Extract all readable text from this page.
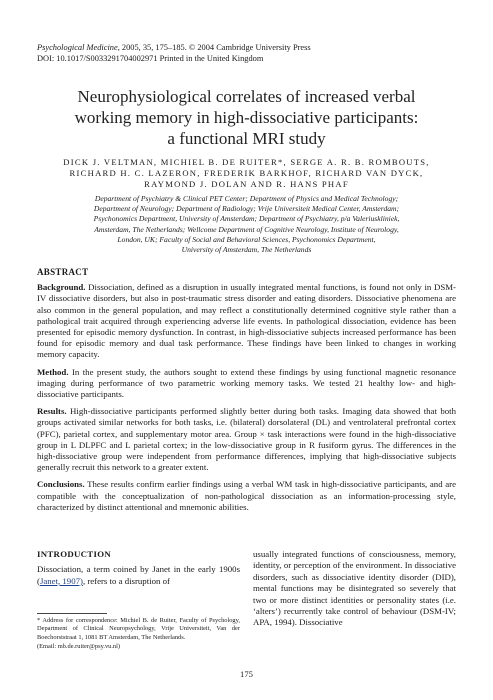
Psychological Medicine, 2005, 35, 175–185. © 2004 Cambridge University Press
DOI: 10.1017/S0033291704002971 Printed in the United Kingdom
Neurophysiological correlates of increased verbal
working memory in high-dissociative participants:
a functional MRI study
DICK J. VELTMAN, MICHIEL B. DE RUITER*, SERGE A. R. B. ROMBOUTS,
RICHARD H. C. LAZERON, FREDERIK BARKHOF, RICHARD VAN DYCK,
RAYMOND J. DOLAN AND R. HANS PHAF
Department of Psychiatry & Clinical PET Center; Department of Physics and Medical Technology;
Department of Neurology; Department of Radiology; Vrije Universiteit Medical Center, Amsterdam;
Psychonomics Department, University of Amsterdam; Department of Psychiatry, p/a Valeriuskliniek,
Amsterdam, The Netherlands; Wellcome Department of Cognitive Neurology, Institute of Neurology,
London, UK; Faculty of Social and Behavioral Sciences, Psychonomics Department,
University of Amsterdam, The Netherlands
ABSTRACT

Background. Dissociation, defined as a disruption in usually integrated mental functions, is found not only in DSM-IV dissociative disorders, but also in post-traumatic stress disorder and eating disorders. Dissociative phenomena are also common in the general population, and may reflect a constitutionally determined cognitive style rather than a pathological trait acquired through experiencing adverse life events. In pathological dissociation, evidence has been presented for episodic memory dysfunction. In contrast, in high-dissociative subjects increased performance has been found for episodic memory and dual task performance. These findings have been linked to changes in working memory capacity.

Method. In the present study, the authors sought to extend these findings by using functional magnetic resonance imaging during performance of two parametric working memory tasks. We tested 21 healthy low- and high-dissociative participants.

Results. High-dissociative participants performed slightly better during both tasks. Imaging data showed that both groups activated similar networks for both tasks, i.e. (bilateral) dorsolateral (DL) and ventrolateral prefrontal cortex (PFC), parietal cortex, and supplementary motor area. Group × task interactions were found in the high-dissociative group in L DLPFC and L parietal cortex; in the low-dissociative group in R fusiform gyrus. The differences in the high-dissociative group were independent from performance differences, implying that high-dissociative subjects generally recruit this network to a greater extent.

Conclusions. These results confirm earlier findings using a verbal WM task in high-dissociative participants, and are compatible with the conceptualization of non-pathological dissociation as an information-processing style, characterized by distinct attentional and mnemonic abilities.

INTRODUCTION

Dissociation, a term coined by Janet in the early 1900s (Janet, 1907), refers to a disruption of

usually integrated functions of consciousness, memory, identity, or perception of the environment. In dissociative disorders, such as dissociative identity disorder (DID), mental functions may be disintegrated so severely that two or more distinct identities or personality states (i.e. ‘alters’) recurrently take control of behaviour (DSM-IV; APA, 1994). Dissociative

* Address for correspondence: Michiel B. de Ruiter, Faculty of Psychology, Department of Clinical Neuropsychology, Vrije Universiteit, Van der Boechorststraat 1, 1081 BT Amsterdam, The Netherlands.

(Email: mb.de.ruiter@psy.vu.nl)

175
